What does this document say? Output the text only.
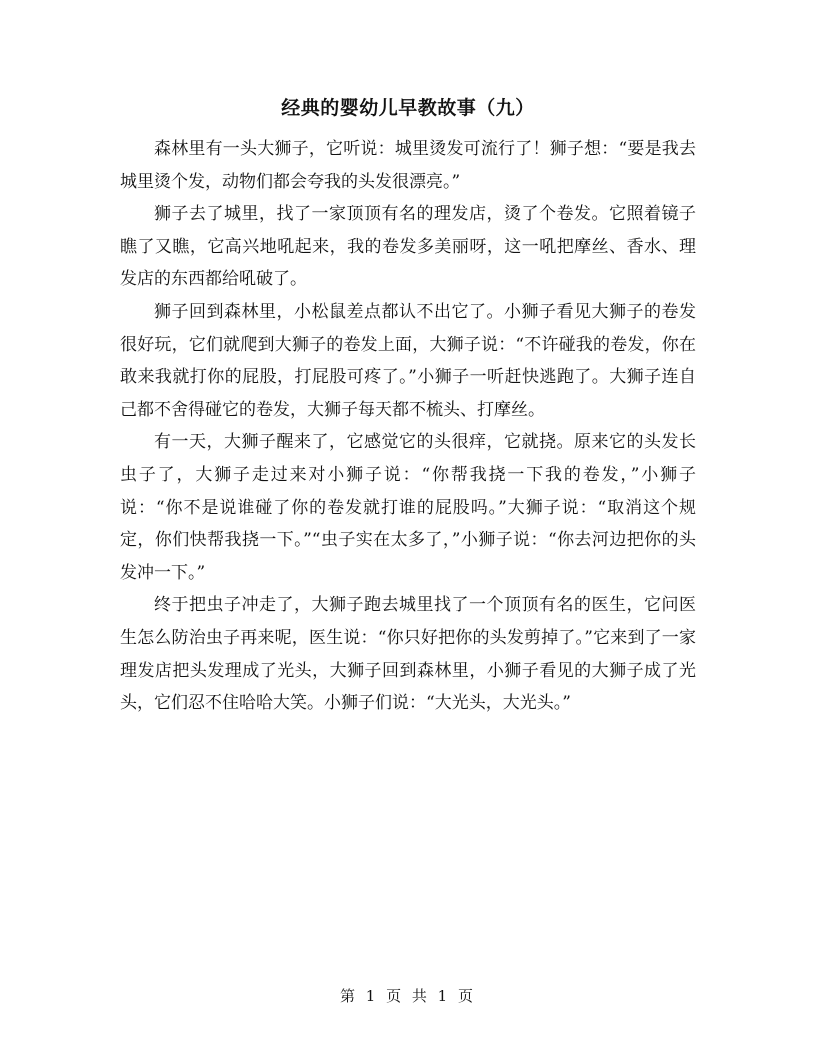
经典的婴幼儿早教故事（九）

森林里有一头大狮子，它听说：城里烫发可流行了！狮子想：“要是我去城里烫个发，动物们都会夸我的头发很漂亮。”

狮子去了城里，找了一家顶顶有名的理发店，烫了个卷发。它照着镜子瞧了又瞧，它高兴地吼起来，我的卷发多美丽呀，这一吼把摩丝、香水、理发店的东西都给吼破了。

狮子回到森林里，小松鼠差点都认不出它了。小狮子看见大狮子的卷发很好玩，它们就爬到大狮子的卷发上面，大狮子说：“不许碰我的卷发，你在敢来我就打你的屁股，打屁股可疼了。”小狮子一听赶快逃跑了。大狮子连自己都不舍得碰它的卷发，大狮子每天都不梳头、打摩丝。

有一天，大狮子醒来了，它感觉它的头很痒，它就挠。原来它的头发长虫子了，大狮子走过来对小狮子说：“你帮我挠一下我的卷发，”小狮子说：“你不是说谁碰了你的卷发就打谁的屁股吗。”大狮子说：“取消这个规定，你们快帮我挠一下。”“虫子实在太多了，”小狮子说：“你去河边把你的头发冲一下。”

终于把虫子冲走了，大狮子跑去城里找了一个顶顶有名的医生，它问医生怎么防治虫子再来呢，医生说：“你只好把你的头发剪掉了。”它来到了一家理发店把头发理成了光头，大狮子回到森林里，小狮子看见的大狮子成了光头，它们忍不住哈哈大笑。小狮子们说：“大光头，大光头。”

第 1 页 共 1 页
